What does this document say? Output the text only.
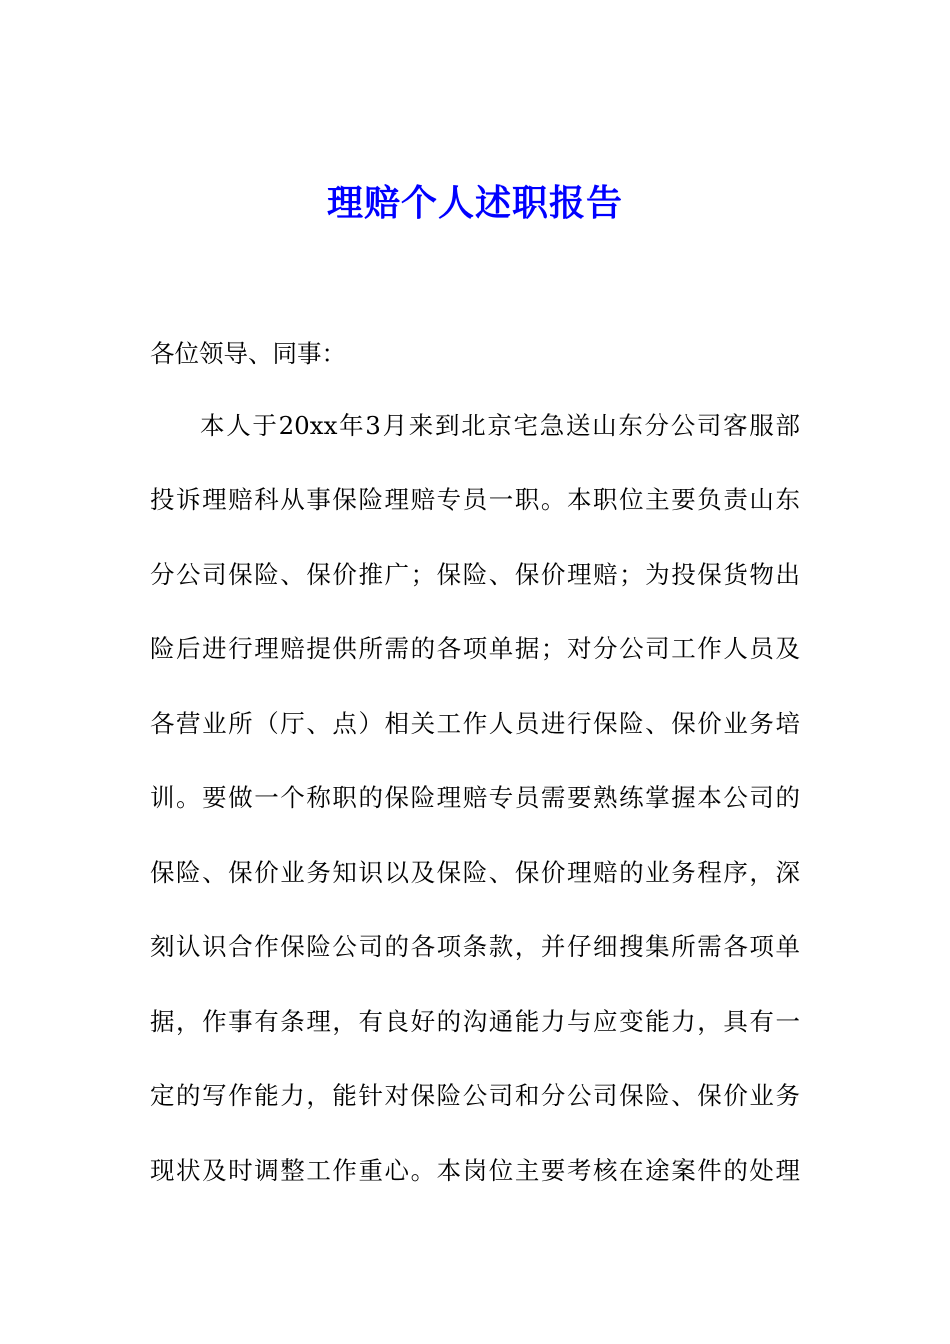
理赔个人述职报告
各位领导、同事：
本人于20xx年3月来到北京宅急送山东分公司客服部
投诉理赔科从事保险理赔专员一职。本职位主要负责山东
分公司保险、保价推广；保险、保价理赔；为投保货物出
险后进行理赔提供所需的各项单据；对分公司工作人员及
各营业所（厅、点）相关工作人员进行保险、保价业务培
训。要做一个称职的保险理赔专员需要熟练掌握本公司的
保险、保价业务知识以及保险、保价理赔的业务程序，深
刻认识合作保险公司的各项条款，并仔细搜集所需各项单
据，作事有条理，有良好的沟通能力与应变能力，具有一
定的写作能力，能针对保险公司和分公司保险、保价业务
现状及时调整工作重心。本岗位主要考核在途案件的处理
